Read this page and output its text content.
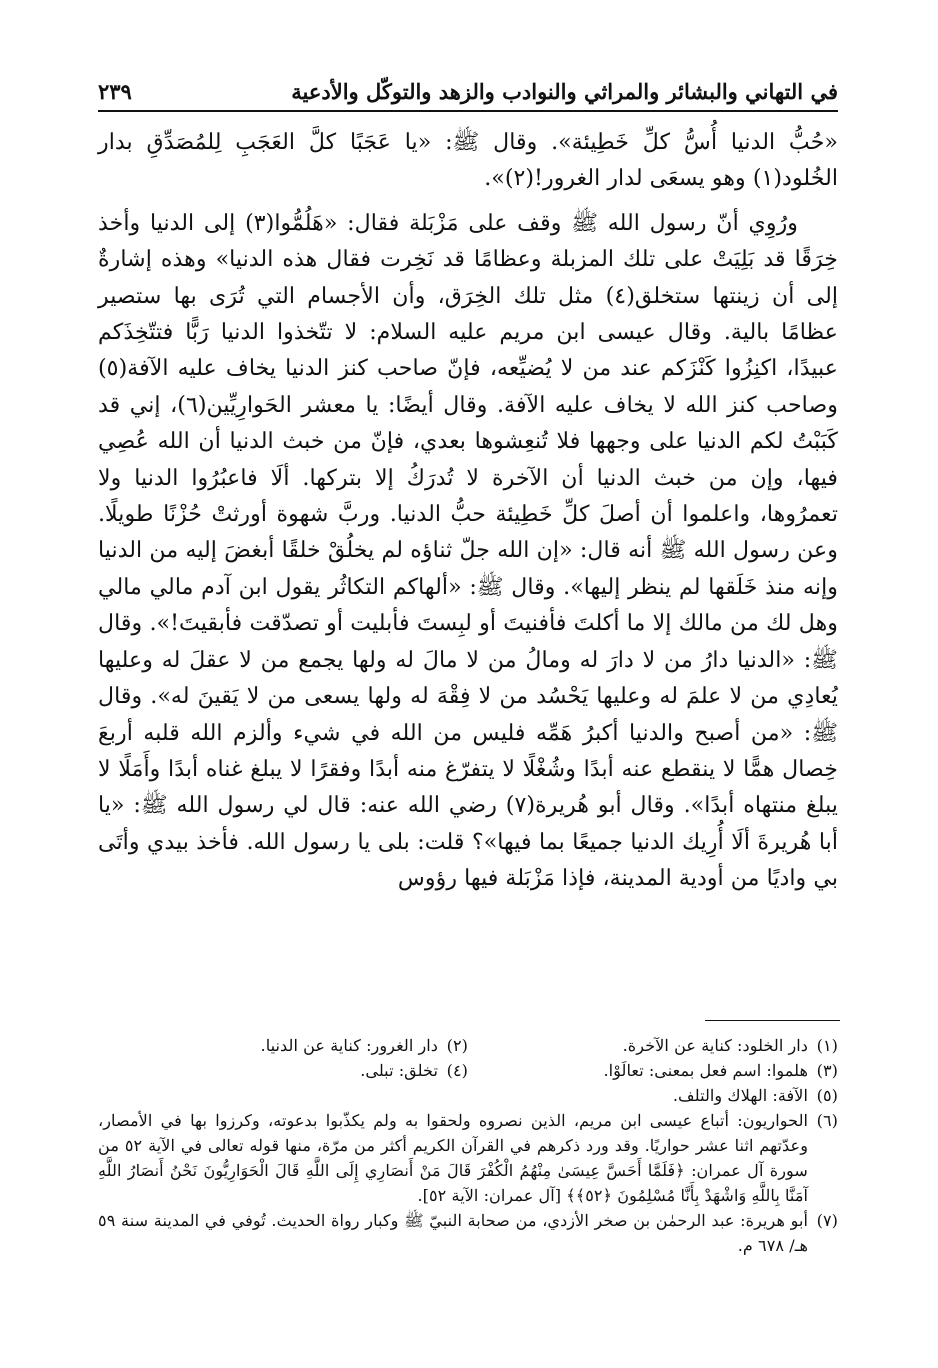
في التهاني والبشائر والمراثي والنوادب والزهد والتوكّل والأدعية
٢٣٩

«حُبُّ الدنيا أُسُّ كلِّ خَطِيئة». وقال ﷺ: «يا عَجَبًا كلَّ العَجَبِ لِلمُصَدِّقِ بدار الخُلود(١) وهو يسعَى لدار الغرور!(٢)».

ورُوِي أنّ رسول الله ﷺ وقف على مَزْبَلة فقال: «هَلُمُّوا(٣) إلى الدنيا وأخذ خِرَقًا قد بَلِيَتْ على تلك المزبلة وعظامًا قد نَخِرت فقال هذه الدنيا» وهذه إشارةٌ إلى أن زينتها ستخلق(٤) مثل تلك الخِرَق، وأن الأجسام التي تُرَى بها ستصير عظامًا بالية. وقال عيسى ابن مريم عليه السلام: لا تتّخذوا الدنيا رَبًّا فتتّخِذَكم عبيدًا، اكنِزُوا كَنْزَكم عند من لا يُضيِّعه، فإنّ صاحب كنز الدنيا يخاف عليه الآفة(٥) وصاحب كنز الله لا يخاف عليه الآفة. وقال أيضًا: يا معشر الحَوارِيِّين(٦)، إني قد كَبَبْتُ لكم الدنيا على وجهها فلا تُنعِشوها بعدي، فإنّ من خبث الدنيا أن الله عُصِي فيها، وإن من خبث الدنيا أن الآخرة لا تُدرَكُ إلا بتركها. ألَا فاعبُرُوا الدنيا ولا تعمرُوها، واعلموا أن أصلَ كلِّ خَطِيئة حبُّ الدنيا. وربَّ شهوة أورثتْ حُزْنًا طويلًا. وعن رسول الله ﷺ أنه قال: «إن الله جلّ ثناؤه لم يخلُقْ خلقًا أبغضَ إليه من الدنيا وإنه منذ خَلَقها لم ينظر إليها». وقال ﷺ: «ألهاكم التكاثُر يقول ابن آدم مالي مالي وهل لك من مالك إلا ما أكلتَ فأفنيتَ أو لبِستَ فأبليت أو تصدّقت فأبقيتَ!». وقال ﷺ: «الدنيا دارُ من لا دارَ له ومالُ من لا مالَ له ولها يجمع من لا عقلَ له وعليها يُعادِي من لا علمَ له وعليها يَحْسُد من لا فِقْهَ له ولها يسعى من لا يَقينَ له». وقال ﷺ: «من أصبح والدنيا أكبرُ هَمِّه فليس من الله في شيء وألزم الله قلبه أربعَ خِصال همًّا لا ينقطع عنه أبدًا وشُغْلًا لا يتفرّغ منه أبدًا وفقرًا لا يبلغ غناه أبدًا وأَمَلًا لا يبلغ منتهاه أبدًا». وقال أبو هُريرة(٧) رضي الله عنه: قال لي رسول الله ﷺ: «يا أبا هُريرةَ ألَا أُرِيك الدنيا جميعًا بما فيها»؟ قلت: بلى يا رسول الله. فأخذ بيدي وأتَى بي واديًا من أودية المدينة، فإذا مَزْبَلة فيها رؤوس

(١)
دار الخلود: كناية عن الآخرة.
(٢)
دار الغرور: كناية عن الدنيا.
(٣)
هلموا: اسم فعل بمعنى: تعالَوْا.
(٤)
تخلق: تبلى.
(٥)
الآفة: الهلاك والتلف.
(٦)
الحواريون: أتباع عيسى ابن مريم، الذين نصروه ولحقوا به ولم يكذّبوا بدعوته، وكرزوا بها في الأمصار، وعدّتهم اثنا عشر حواريًا. وقد ورد ذكرهم في القرآن الكريم أكثر من مرّة، منها قوله تعالى في الآية ٥٢ من سورة آل عمران: ﴿فَلَمَّا أَحَسَّ عِيسَىٰ مِنْهُمُ الْكُفْرَ قَالَ مَنْ أَنصَارِي إِلَى اللَّهِ قَالَ الْحَوَارِيُّونَ نَحْنُ أَنصَارُ اللَّهِ آمَنَّا بِاللَّهِ وَاشْهَدْ بِأَنَّا مُسْلِمُونَ ﴿٥٢﴾﴾ [آل عمران: الآية ٥٢].
(٧)
أبو هريرة: عبد الرحمٰن بن صخر الأزدي، من صحابة النبيّ ﷺ وكبار رواة الحديث. تُوفي في المدينة سنة ٥٩ هـ/ ٦٧٨ م.
